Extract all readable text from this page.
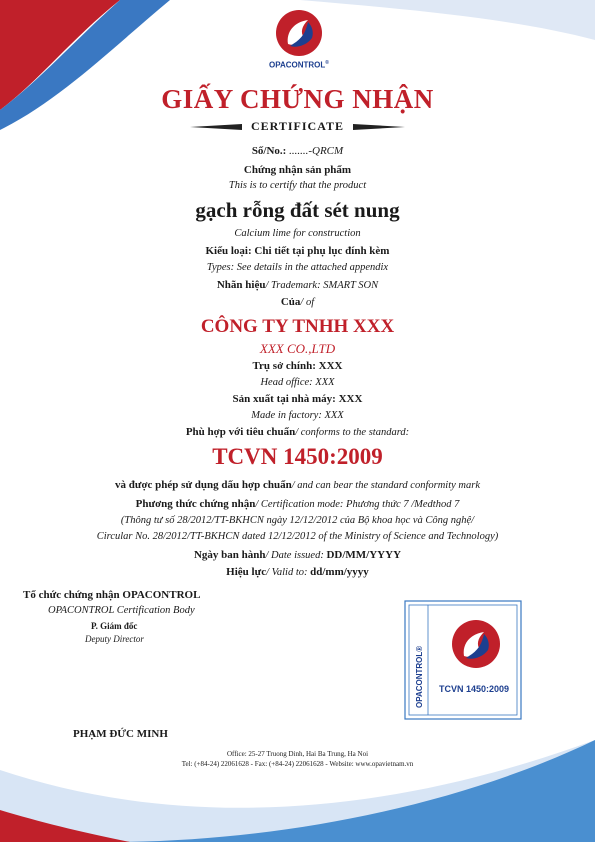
OPACONTROL®
GIẤY CHỨNG NHẬN
CERTIFICATE
Số/No.: .......-QRCM
Chứng nhận sản phẩm
This is to certify that the product
gạch rỗng đất sét nung
Calcium lime for construction
Kiểu loại: Chi tiết tại phụ lục đính kèm
Types: See details in the attached appendix
Nhãn hiệu/ Trademark: SMART SON
Của/ of
CÔNG TY TNHH XXX
XXX CO.,LTD
Trụ sở chính: XXX
Head office: XXX
Sản xuất tại nhà máy: XXX
Made in factory: XXX
Phù hợp với tiêu chuẩn/ conforms to the standard:
TCVN 1450:2009
và được phép sử dụng dấu hợp chuẩn/ and can bear the standard conformity mark
Phương thức chứng nhận/ Certification mode: Phương thức 7 /Medthod 7
(Thông tư số 28/2012/TT-BKHCN ngày 12/12/2012 của Bộ khoa học và Công nghệ/
Circular No. 28/2012/TT-BKHCN dated 12/12/2012 of the Ministry of Science and Technology)
Ngày ban hành/ Date issued: DD/MM/YYYY
Hiệu lực/ Valid to: dd/mm/yyyy
Tổ chức chứng nhận OPACONTROL
OPACONTROL Certification Body
P. Giám đốc
Deputy Director
PHẠM ĐỨC MINH
OPACONTROL® TCVN 1450:2009
Office: 25-27 Truong Dinh, Hai Ba Trung, Ha Noi
Tel: (+84-24) 22061628 - Fax: (+84-24) 22061628 - Website: www.opavietnam.vn
